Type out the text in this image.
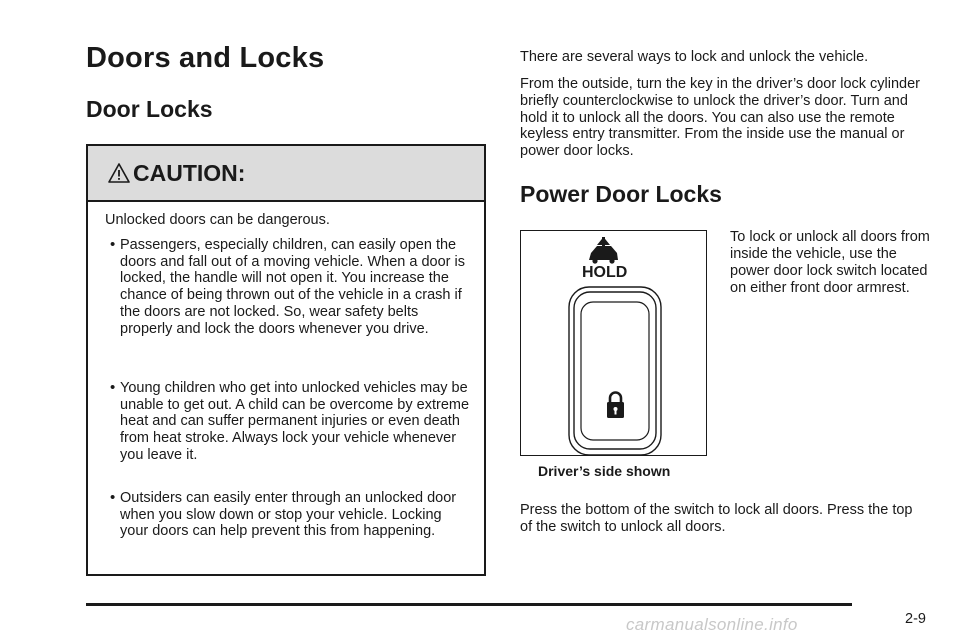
Doors and Locks
Door Locks
CAUTION:
Unlocked doors can be dangerous.
• Passengers, especially children, can easily open the doors and fall out of a moving vehicle. When a door is locked, the handle will not open it. You increase the chance of being thrown out of the vehicle in a crash if the doors are not locked. So, wear safety belts properly and lock the doors whenever you drive.
• Young children who get into unlocked vehicles may be unable to get out. A child can be overcome by extreme heat and can suffer permanent injuries or even death from heat stroke. Always lock your vehicle whenever you leave it.
• Outsiders can easily enter through an unlocked door when you slow down or stop your vehicle. Locking your doors can help prevent this from happening.

There are several ways to lock and unlock the vehicle.

From the outside, turn the key in the driver’s door lock cylinder briefly counterclockwise to unlock the driver’s door. Turn and hold it to unlock all the doors. You can also use the remote keyless entry transmitter. From the inside use the manual or power door locks.

Power Door Locks
HOLD
Driver’s side shown
To lock or unlock all doors from inside the vehicle, use the power door lock switch located on either front door armrest.

Press the bottom of the switch to lock all doors. Press the top of the switch to unlock all doors.

carmanualsonline.info	2-9
